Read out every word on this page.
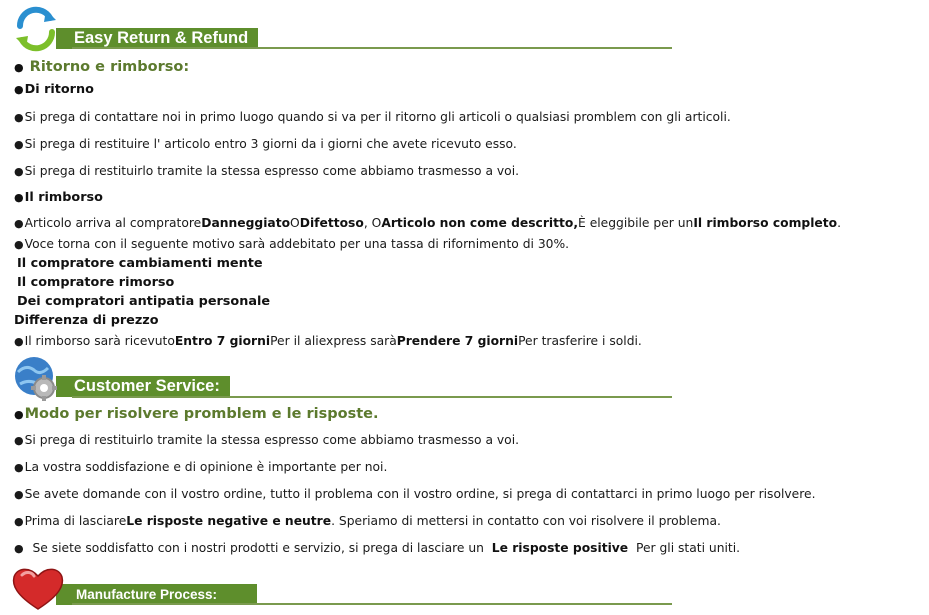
Easy Return & Refund
● Ritorno e rimborso:
●Di ritorno
●Si prega di contattare noi in primo luogo quando si va per il ritorno gli articoli o qualsiasi promblem con gli articoli.
●Si prega di restituire l' articolo entro 3 giorni da i giorni che avete ricevuto esso.
●Si prega di restituirlo tramite la stessa espresso come abbiamo trasmesso a voi.
●Il rimborso
●Articolo arriva al compratoreDanneggiatoODifettoso, OArticolo non come descritto,È eleggibile per unIl rimborso completo.
●Voce torna con il seguente motivo sarà addebitato per una tassa di rifornimento di 30%.
Il compratore cambiamenti mente
Il compratore rimorso
Dei compratori antipatia personale
Differenza di prezzo
●Il rimborso sarà ricevutoEntro 7 giorniPer il aliexpress saràPrendere 7 giorniPer trasferire i soldi.
Customer Service:
●Modo per risolvere promblem e le risposte.
●Si prega di restituirlo tramite la stessa espresso come abbiamo trasmesso a voi.
●La vostra soddisfazione e di opinione è importante per noi.
●Se avete domande con il vostro ordine, tutto il problema con il vostro ordine, si prega di contattarci in primo luogo per risolvere.
●Prima di lasciareLe risposte negative e neutre. Speriamo di mettersi in contatto con voi risolvere il problema.
● Se siete soddisfatto con i nostri prodotti e servizio, si prega di lasciare un Le risposte positive Per gli stati uniti.
Manufacture Process:
